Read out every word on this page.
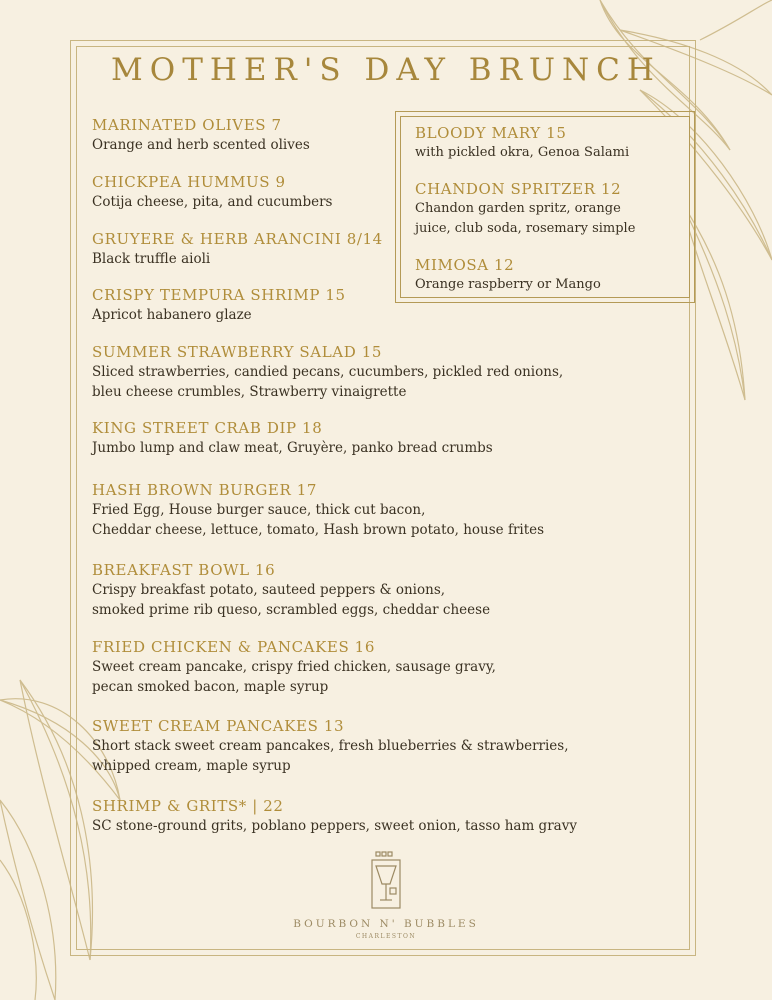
MOTHER'S DAY BRUNCH
MARINATED OLIVES 7
Orange and herb scented olives
CHICKPEA HUMMUS 9
Cotija cheese, pita, and cucumbers
GRUYERE & HERB ARANCINI 8/14
Black truffle aioli
CRISPY TEMPURA SHRIMP 15
Apricot habanero glaze
SUMMER STRAWBERRY SALAD 15
Sliced strawberries, candied pecans, cucumbers, pickled red onions,
bleu cheese crumbles, Strawberry vinaigrette
KING STREET CRAB DIP 18
Jumbo lump and claw meat, Gruyère, panko bread crumbs
HASH BROWN BURGER 17
Fried Egg, House burger sauce, thick cut bacon,
Cheddar cheese, lettuce, tomato, Hash brown potato, house frites
BREAKFAST BOWL 16
Crispy breakfast potato, sauteed peppers & onions,
smoked prime rib queso, scrambled eggs, cheddar cheese
FRIED CHICKEN & PANCAKES 16
Sweet cream pancake, crispy fried chicken, sausage gravy,
pecan smoked bacon, maple syrup
SWEET CREAM PANCAKES 13
Short stack sweet cream pancakes, fresh blueberries & strawberries,
whipped cream, maple syrup
SHRIMP & GRITS* | 22
SC stone-ground grits, poblano peppers, sweet onion, tasso ham gravy
BLOODY MARY 15
with pickled okra, Genoa Salami
CHANDON SPRITZER 12
Chandon garden spritz, orange
juice, club soda, rosemary simple
MIMOSA 12
Orange raspberry or Mango
BOURBON N' BUBBLES
CHARLESTON
